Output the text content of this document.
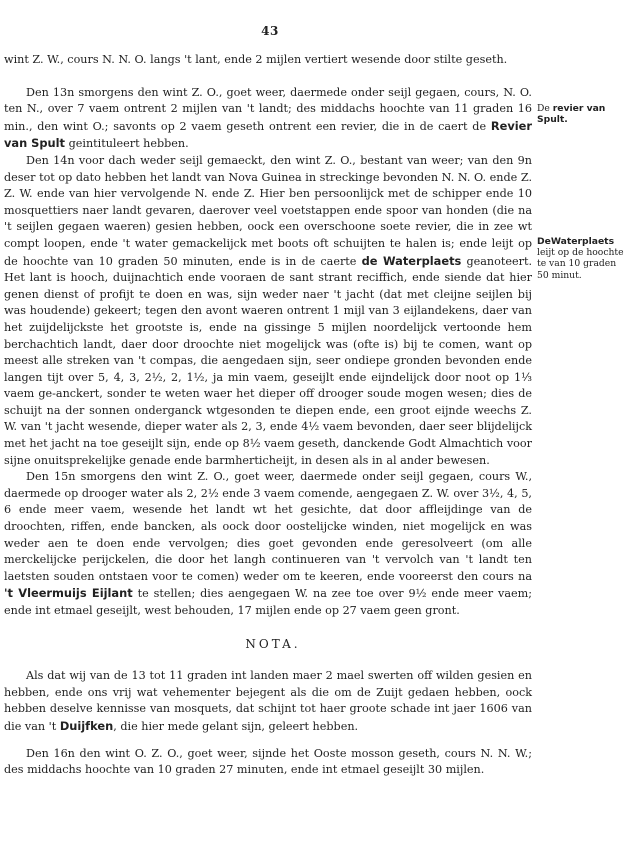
43

wint Z. W., cours N. N. O. langs 't lant, ende 2 mijlen vertiert wesende door stilte geseth.

Den 13n smorgens den wint Z. O., goet weer, daermede onder seijl gegaen, cours, N. O. ten N., over 7 vaem ontrent 2 mijlen van 't landt; des middachs hoochte van 11 graden 16 min., den wint O.; savonts op 2 vaem geseth ontrent een revier, die in de caert de Revier van Spult geintituleert hebben.

Den 14n voor dach weder seijl gemaeckt, den wint Z. O., bestant van weer; van den 9n deser tot op dato hebben het landt van Nova Guinea in streckinge bevonden N. N. O. ende Z. Z. W. ende van hier vervolgende N. ende Z. Hier ben persoonlijck met de schipper ende 10 mosquettiers naer landt gevaren, daerover veel voetstappen ende spoor van honden (die na 't seijlen gegaen waeren) gesien hebben, oock een overschoone soete revier, die in zee wt compt loopen, ende 't water gemackelijck met boots oft schuijten te halen is; ende leijt op de hoochte van 10 graden 50 minuten, ende is in de caerte de Waterplaets geanoteert. Het lant is hooch, duijnachtich ende vooraen de sant strant reciffich, ende siende dat hier genen dienst of profijt te doen en was, sijn weder naer 't jacht (dat met cleijne seijlen bij was houdende) gekeert; tegen den avont waeren ontrent 1 mijl van 3 eijlandekens, daer van het zuijdelijckste het grootste is, ende na gissinge 5 mijlen noordelijck vertoonde hem berchachtich landt, daer door droochte niet mogelijck was (ofte is) bij te comen, want op meest alle streken van 't compas, die aengedaen sijn, seer ondiepe gronden bevonden ende langen tijt over 5, 4, 3, 2½, 2, 1½, ja min vaem, geseijlt ende eijndelijck door noot op 1⅓ vaem ge-anckert, sonder te weten waer het dieper off drooger soude mogen wesen; dies de schuijt na der sonnen onderganck wtgesonden te diepen ende, een groot eijnde weechs Z. W. van 't jacht wesende, dieper water als 2, 3, ende 4½ vaem bevonden, daer seer blijdelijck met het jacht na toe geseijlt sijn, ende op 8½ vaem geseth, danckende Godt Almachtich voor sijne onuitsprekelijke genade ende barmherticheijt, in desen als in al ander bewesen.

Den 15n smorgens den wint Z. O., goet weer, daermede onder seijl gegaen, cours W., daermede op drooger water als 2, 2½ ende 3 vaem comende, aengegaen Z. W. over 3½, 4, 5, 6 ende meer vaem, wesende het landt wt het gesichte, dat door affleijdinge van de droochten, riffen, ende bancken, als oock door oostelijcke winden, niet mogelijck en was weder aen te doen ende vervolgen; dies goet gevonden ende geresolveert (om alle merckelijcke perijckelen, die door het langh continueren van 't vervolch van 't landt ten laetsten souden ontstaen voor te comen) weder om te keeren, ende vooreerst den cours na 't Vleermuijs Eijlant te stellen; dies aengegaen W. na zee toe over 9½ ende meer vaem; ende int etmael geseijlt, west behouden, 17 mijlen ende op 27 vaem geen gront.

NOTA.

Als dat wij van de 13 tot 11 graden int landen maer 2 mael swerten off wilden gesien en hebben, ende ons vrij wat vehementer bejegent als die om de Zuijt gedaen hebben, oock hebben deselve kennisse van mosquets, dat schijnt tot haer groote schade int jaer 1606 van die van 't Duijfken, die hier mede gelant sijn, geleert hebben.

Den 16n den wint O. Z. O., goet weer, sijnde het Ooste mosson geseth, cours N. N. W.; des middachs hoochte van 10 graden 27 minuten, ende int etmael geseijlt 30 mijlen.

De revier van
Spult.
DeWaterplaets
leijt op de hoochte
te van 10 graden
50 minut.
